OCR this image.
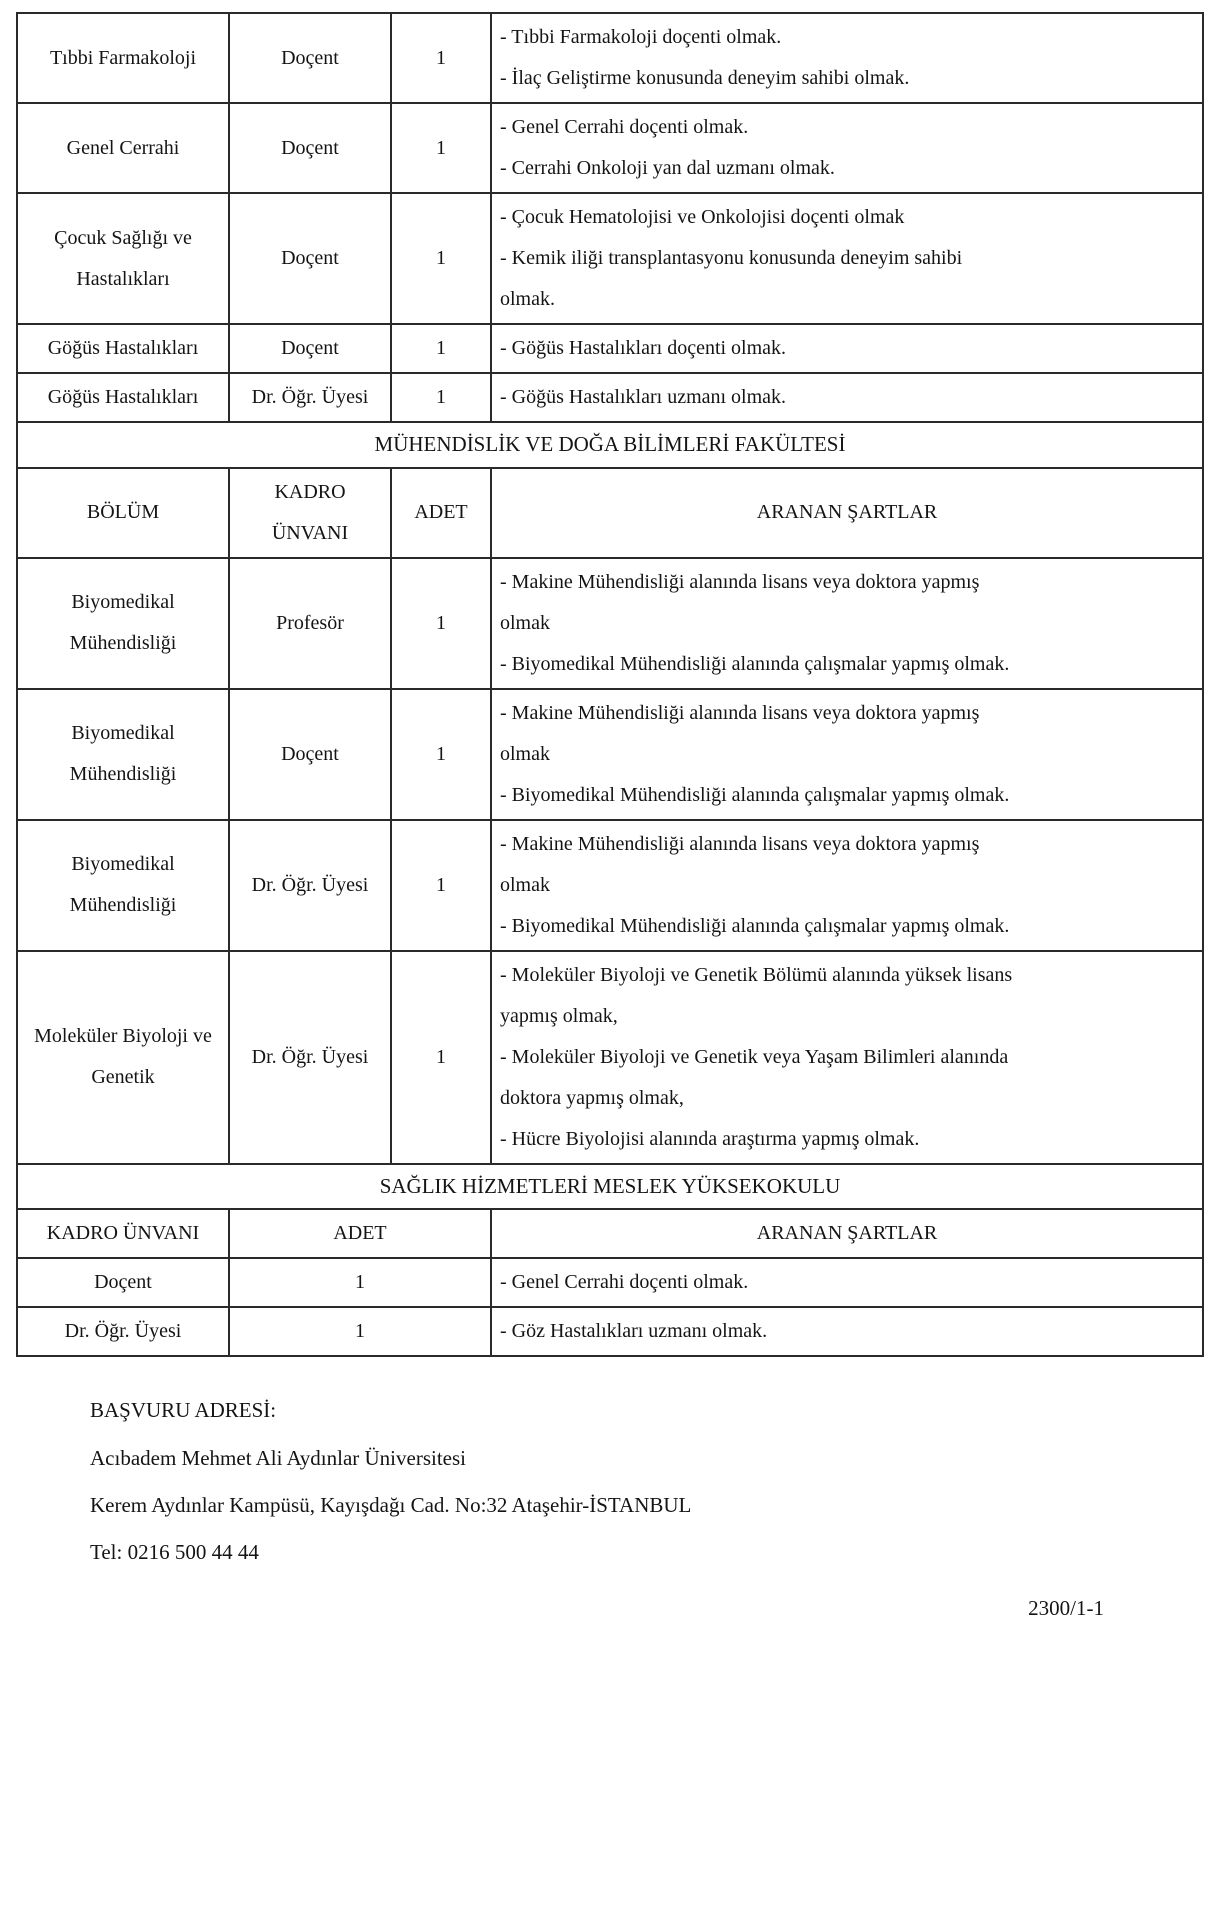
Tıbbi Farmakoloji	Doçent	1	- Tıbbi Farmakoloji doçenti olmak.
- İlaç Geliştirme konusunda deneyim sahibi olmak.

Genel Cerrahi	Doçent	1	- Genel Cerrahi doçenti olmak.
- Cerrahi Onkoloji yan dal uzmanı olmak.

Çocuk Sağlığı ve Hastalıkları	Doçent	1	- Çocuk Hematolojisi ve Onkolojisi doçenti olmak
- Kemik iliği transplantasyonu konusunda deneyim sahibi
olmak.

Göğüs Hastalıkları	Doçent	1	- Göğüs Hastalıkları doçenti olmak.

Göğüs Hastalıkları	Dr. Öğr. Üyesi	1	- Göğüs Hastalıkları uzmanı olmak.

MÜHENDİSLİK VE DOĞA BİLİMLERİ FAKÜLTESİ			
BÖLÜM	KADRO ÜNVANI	ADET	ARANAN ŞARTLAR
Biyomedikal Mühendisliği	Profesör	1	- Makine Mühendisliği alanında lisans veya doktora yapmış
olmak
- Biyomedikal Mühendisliği alanında çalışmalar yapmış olmak.

Biyomedikal Mühendisliği	Doçent	1	- Makine Mühendisliği alanında lisans veya doktora yapmış
olmak
- Biyomedikal Mühendisliği alanında çalışmalar yapmış olmak.

Biyomedikal Mühendisliği	Dr. Öğr. Üyesi	1	- Makine Mühendisliği alanında lisans veya doktora yapmış
olmak
- Biyomedikal Mühendisliği alanında çalışmalar yapmış olmak.

Moleküler Biyoloji ve Genetik	Dr. Öğr. Üyesi	1	- Moleküler Biyoloji ve Genetik Bölümü alanında yüksek lisans
yapmış olmak,
- Moleküler Biyoloji ve Genetik veya Yaşam Bilimleri alanında
doktora yapmış olmak,
- Hücre Biyolojisi alanında araştırma yapmış olmak.

SAĞLIK HİZMETLERİ MESLEK YÜKSEKOKULU			
KADRO ÜNVANI	ADET		ARANAN ŞARTLAR
Doçent	1		- Genel Cerrahi doçenti olmak.

Dr. Öğr. Üyesi	1		- Göz Hastalıkları uzmanı olmak.

BAŞVURU ADRESİ:

Acıbadem Mehmet Ali Aydınlar Üniversitesi

Kerem Aydınlar Kampüsü, Kayışdağı Cad. No:32 Ataşehir-İSTANBUL

Tel: 0216 500 44 44

2300/1-1
